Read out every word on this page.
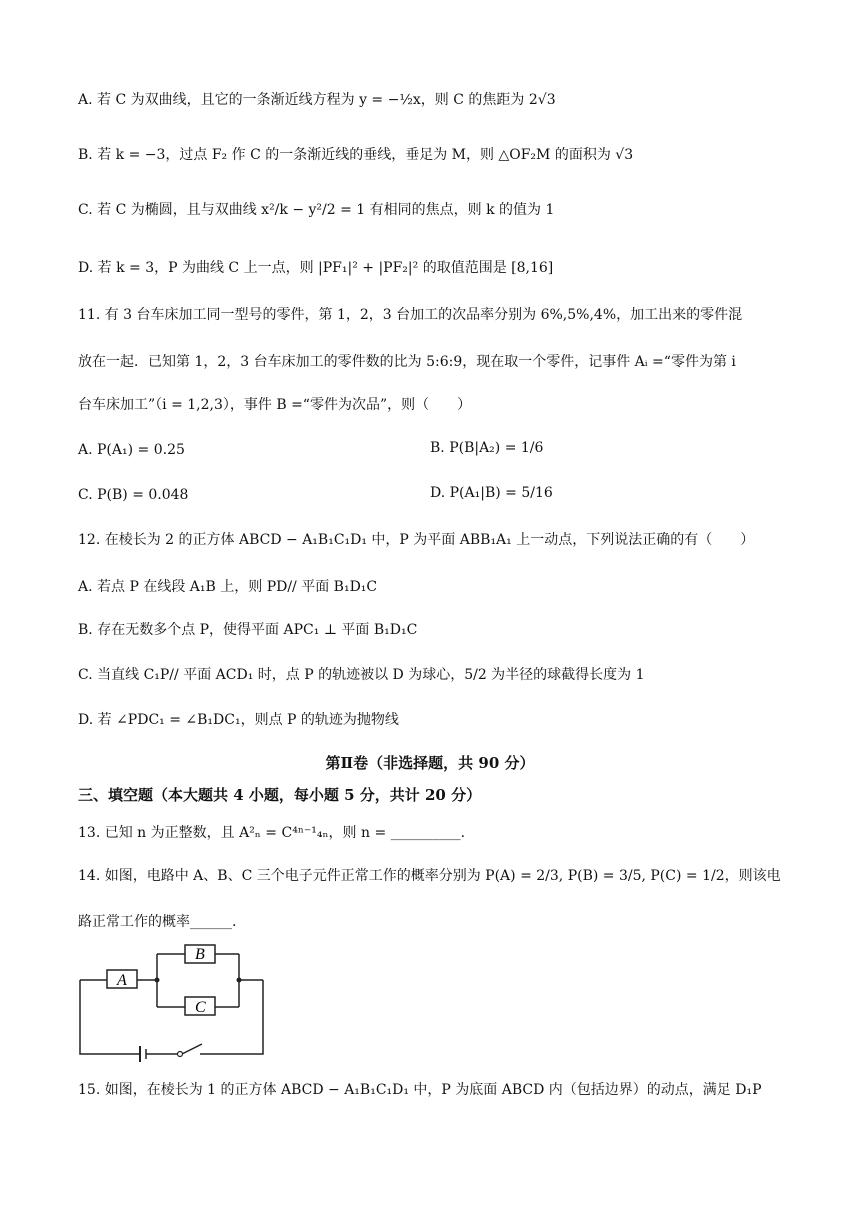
A. 若 C 为双曲线，且它的一条渐近线方程为 y = −½x，则 C 的焦距为 2√3
B. 若 k = −3，过点 F₂ 作 C 的一条渐近线的垂线，垂足为 M，则 △OF₂M 的面积为 √3
C. 若 C 为椭圆，且与双曲线 x²/k − y²/2 = 1 有相同的焦点，则 k 的值为 1
D. 若 k = 3，P 为曲线 C 上一点，则 |PF₁|² + |PF₂|² 的取值范围是 [8,16]
11. 有 3 台车床加工同一型号的零件，第 1，2，3 台加工的次品率分别为 6%,5%,4%，加工出来的零件混
放在一起．已知第 1，2，3 台车床加工的零件数的比为 5:6:9，现在取一个零件，记事件 Aᵢ =“零件为第 i
台车床加工”（i = 1,2,3），事件 B =“零件为次品”，则（　　）
A. P(A₁) = 0.25	B. P(B|A₂) = 1/6
C. P(B) = 0.048	D. P(A₁|B) = 5/16
12. 在棱长为 2 的正方体 ABCD − A₁B₁C₁D₁ 中，P 为平面 ABB₁A₁ 上一动点，下列说法正确的有（　　）
A. 若点 P 在线段 A₁B 上，则 PD// 平面 B₁D₁C
B. 存在无数多个点 P，使得平面 APC₁ ⊥ 平面 B₁D₁C
C. 当直线 C₁P// 平面 ACD₁ 时，点 P 的轨迹被以 D 为球心，5/2 为半径的球截得长度为 1
D. 若 ∠PDC₁ = ∠B₁DC₁，则点 P 的轨迹为抛物线
第Ⅱ卷（非选择题，共 90 分）
三、填空题（本大题共 4 小题，每小题 5 分，共计 20 分）
13. 已知 n 为正整数，且 A²ₙ = C⁴ⁿ⁻¹₄ₙ，则 n = __________.
14. 如图，电路中 A、B、C 三个电子元件正常工作的概率分别为 P(A) = 2/3, P(B) = 3/5, P(C) = 1/2，则该电
路正常工作的概率______.
A
B
C
15. 如图，在棱长为 1 的正方体 ABCD − A₁B₁C₁D₁ 中，P 为底面 ABCD 内（包括边界）的动点，满足 D₁P
